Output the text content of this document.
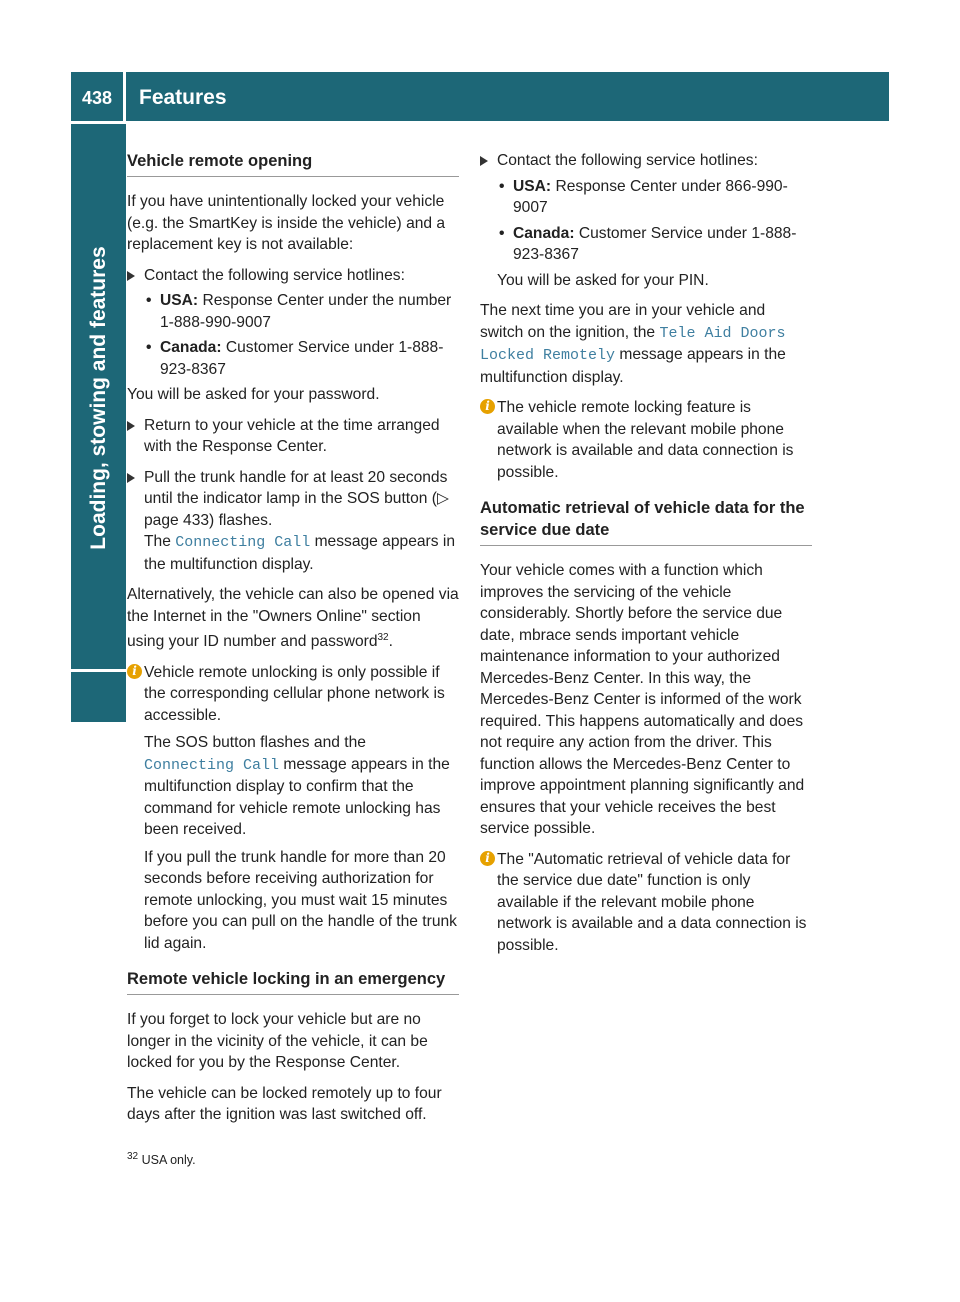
438	Features
Loading, stowing and features
Vehicle remote opening

If you have unintentionally locked your vehicle (e.g. the SmartKey is inside the vehicle) and a replacement key is not available:

Contact the following service hotlines:
• USA: Response Center under the number 1-888-990-9007
• Canada: Customer Service under 1-888-923-8367
You will be asked for your password.
Return to your vehicle at the time arranged with the Response Center.
Pull the trunk handle for at least 20 seconds until the indicator lamp in the SOS button (▷ page 433) flashes.
The Connecting Call message appears in the multifunction display.

Alternatively, the vehicle can also be opened via the Internet in the "Owners Online" section using your ID number and password$^{32}$.

i Vehicle remote unlocking is only possible if the corresponding cellular phone network is accessible.
The SOS button flashes and the Connecting Call message appears in the multifunction display to confirm that the command for vehicle remote unlocking has been received.
If you pull the trunk handle for more than 20 seconds before receiving authorization for remote unlocking, you must wait 15 minutes before you can pull on the handle of the trunk lid again.
Remote vehicle locking in an emergency

If you forget to lock your vehicle but are no longer in the vicinity of the vehicle, it can be locked for you by the Response Center.

The vehicle can be locked remotely up to four days after the ignition was last switched off.

$^{32}$ USA only.
Contact the following service hotlines:
• USA: Response Center under 866-990-9007
• Canada: Customer Service under 1-888-923-8367
You will be asked for your PIN.

The next time you are in your vehicle and switch on the ignition, the Tele Aid Doors Locked Remotely message appears in the multifunction display.

i The vehicle remote locking feature is available when the relevant mobile phone network is available and data connection is possible.
Automatic retrieval of vehicle data for the service due date

Your vehicle comes with a function which improves the servicing of the vehicle considerably. Shortly before the service due date, mbrace sends important vehicle maintenance information to your authorized Mercedes-Benz Center. In this way, the Mercedes-Benz Center is informed of the work required. This happens automatically and does not require any action from the driver. This function allows the Mercedes-Benz Center to improve appointment planning significantly and ensures that your vehicle receives the best service possible.

i The "Automatic retrieval of vehicle data for the service due date" function is only available if the relevant mobile phone network is available and a data connection is possible.
